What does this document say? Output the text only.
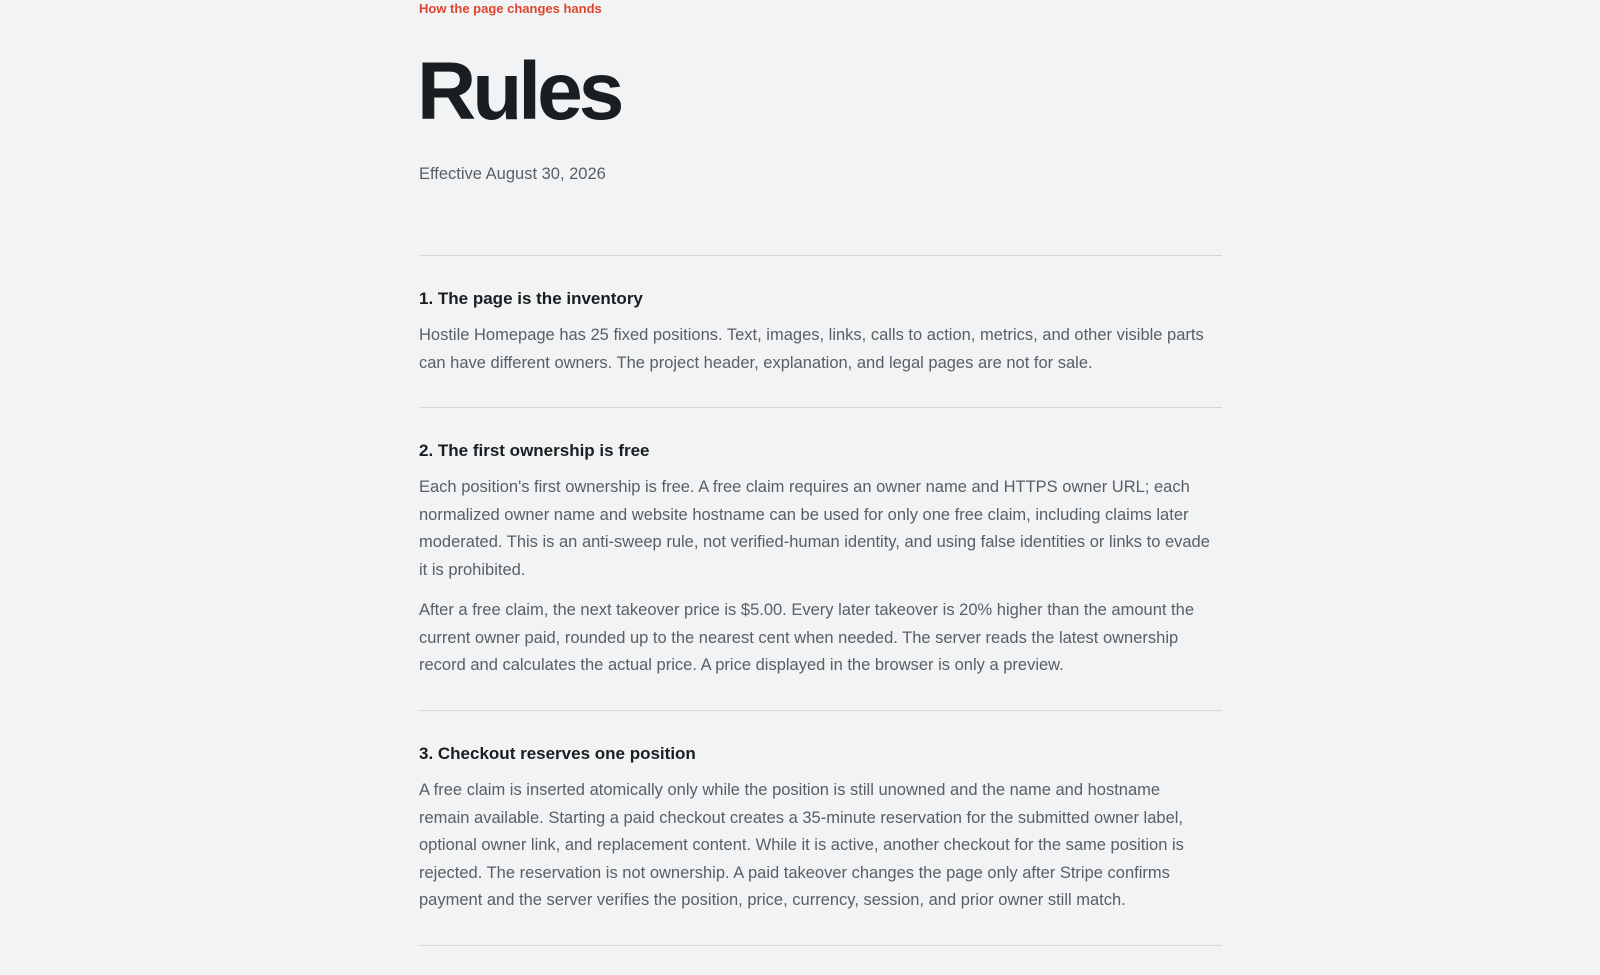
How the page changes hands
Rules
Effective August 30, 2026
1. The page is the inventory

Hostile Homepage has 25 fixed positions. Text, images, links, calls to action, metrics, and other visible parts
can have different owners. The project header, explanation, and legal pages are not for sale.

2. The first ownership is free

Each position's first ownership is free. A free claim requires an owner name and HTTPS owner URL; each
normalized owner name and website hostname can be used for only one free claim, including claims later
moderated. This is an anti-sweep rule, not verified-human identity, and using false identities or links to evade
it is prohibited.

After a free claim, the next takeover price is $5.00. Every later takeover is 20% higher than the amount the
current owner paid, rounded up to the nearest cent when needed. The server reads the latest ownership
record and calculates the actual price. A price displayed in the browser is only a preview.

3. Checkout reserves one position

A free claim is inserted atomically only while the position is still unowned and the name and hostname
remain available. Starting a paid checkout creates a 35-minute reservation for the submitted owner label,
optional owner link, and replacement content. While it is active, another checkout for the same position is
rejected. The reservation is not ownership. A paid takeover changes the page only after Stripe confirms
payment and the server verifies the position, price, currency, session, and prior owner still match.
